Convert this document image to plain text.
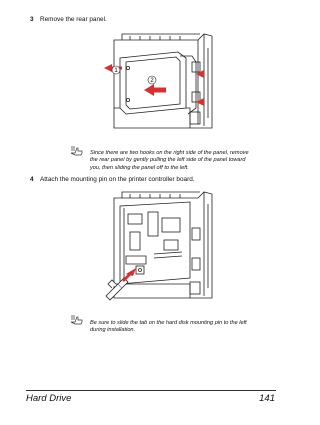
3 Remove the rear panel.
1
2
Since there are two hooks on the right side of the panel, remove
the rear panel by gently pulling the left side of the panel toward
you, then sliding the panel off to the left.
4 Attach the mounting pin on the printer controller board.
Be sure to slide the tab on the hard disk mounting pin to the left
during installation.
Hard Drive	141
